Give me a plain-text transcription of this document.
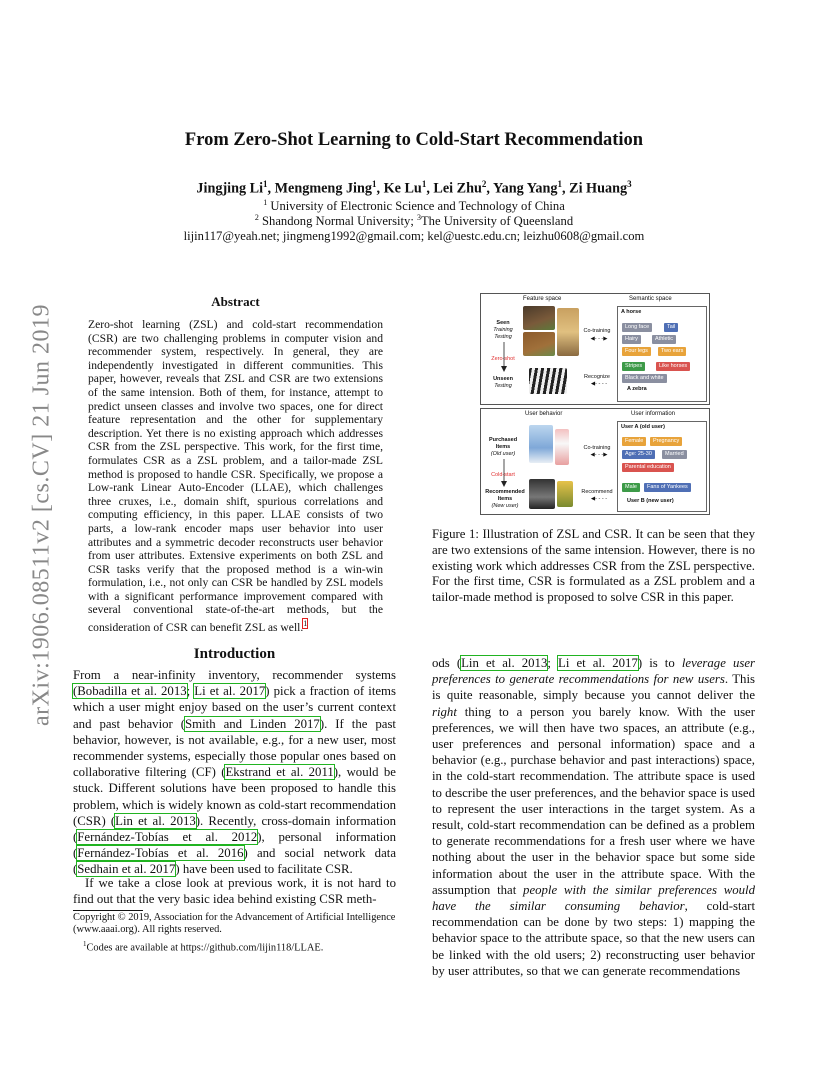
arXiv:1906.08511v2 [cs.CV] 21 Jun 2019
From Zero-Shot Learning to Cold-Start Recommendation
Jingjing Li$^1$, Mengmeng Jing$^1$, Ke Lu$^1$, Lei Zhu$^2$, Yang Yang$^1$, Zi Huang$^3$
$^1$ University of Electronic Science and Technology of China
$^2$ Shandong Normal University; $^3$The University of Queensland
lijin117@yeah.net; jingmeng1992@gmail.com; kel@uestc.edu.cn; leizhu0608@gmail.com
Abstract
Zero-shot learning (ZSL) and cold-start recommendation (CSR) are two challenging problems in computer vision and recommender system, respectively. In general, they are independently investigated in different communities. This paper, however, reveals that ZSL and CSR are two extensions of the same intension. Both of them, for instance, attempt to predict unseen classes and involve two spaces, one for direct feature representation and the other for supplementary description. Yet there is no existing approach which addresses CSR from the ZSL perspective. This work, for the first time, formulates CSR as a ZSL problem, and a tailor-made ZSL method is proposed to handle CSR. Specifically, we propose a Low-rank Linear Auto-Encoder (LLAE), which challenges three cruxes, i.e., domain shift, spurious correlations and computing efficiency, in this paper. LLAE consists of two parts, a low-rank encoder maps user behavior into user attributes and a symmetric decoder reconstructs user behavior from user attributes. Extensive experiments on both ZSL and CSR tasks verify that the proposed method is a win-win formulation, i.e., not only can CSR be handled by ZSL models with a significant performance improvement compared with several conventional state-of-the-art methods, but the consideration of CSR can benefit ZSL as well.$^1$
Introduction
From a near-infinity inventory, recommender systems (Bobadilla et al. 2013; Li et al. 2017) pick a fraction of items which a user might enjoy based on the user’s current context and past behavior (Smith and Linden 2017). If the past behavior, however, is not available, e.g., for a new user, most recommender systems, especially those popular ones based on collaborative filtering (CF) (Ekstrand et al. 2011), would be stuck. Different solutions have been proposed to handle this problem, which is widely known as cold-start recommendation (CSR) (Lin et al. 2013). Recently, cross-domain information (Fernández-Tobías et al. 2012), personal information (Fernández-Tobías et al. 2016) and social network data (Sedhain et al. 2017) have been used to facilitate CSR.
If we take a close look at previous work, it is not hard to find out that the very basic idea behind existing CSR meth-
Copyright © 2019, Association for the Advancement of Artificial Intelligence (www.aaai.org). All rights reserved.
$^1$Codes are available at https://github.com/lijin118/LLAE.
Feature space	Semantic space
Seen
Training
Testing
Zero-shot
Unseen
Testing
Co-training
◀- - -▶
Recognize
◀- - - -
A horse
Long face	Tail
Hairy	Athletic
Four legs	Two ears
Stripes	Like horses
Black and white
A zebra
User behavior	User information
Purchased
Items
(Old user)
Cold-start
Recommended
Items
(New user)
Co-training
◀- - -▶
Recommend
◀- - - -
User A (old user)
Female	Pregnancy
Age: 25-30	Married
Parental education
Male	Fans of Yankees
User B (new user)
Figure 1: Illustration of ZSL and CSR. It can be seen that they are two extensions of the same intension. However, there is no existing work which addresses CSR from the ZSL perspective. For the first time, CSR is formulated as a ZSL problem and a tailor-made method is proposed to solve CSR in this paper.
ods (Lin et al. 2013; Li et al. 2017) is to leverage user preferences to generate recommendations for new users. This is quite reasonable, simply because you cannot deliver the right thing to a person you barely know. With the user preferences, we will then have two spaces, an attribute (e.g., user preferences and personal information) space and a behavior (e.g., purchase behavior and past interactions) space, in the cold-start recommendation. The attribute space is used to describe the user preferences, and the behavior space is used to represent the user interactions in the target system. As a result, cold-start recommendation can be defined as a problem to generate recommendations for a fresh user where we have nothing about the user in the behavior space but some side information about the user in the attribute space. With the assumption that people with the similar preferences would have the similar consuming behavior, cold-start recommendation can be done by two steps: 1) mapping the behavior space to the attribute space, so that the new users can be linked with the old users; 2) reconstructing user behavior by user attributes, so that we can generate recommendations
